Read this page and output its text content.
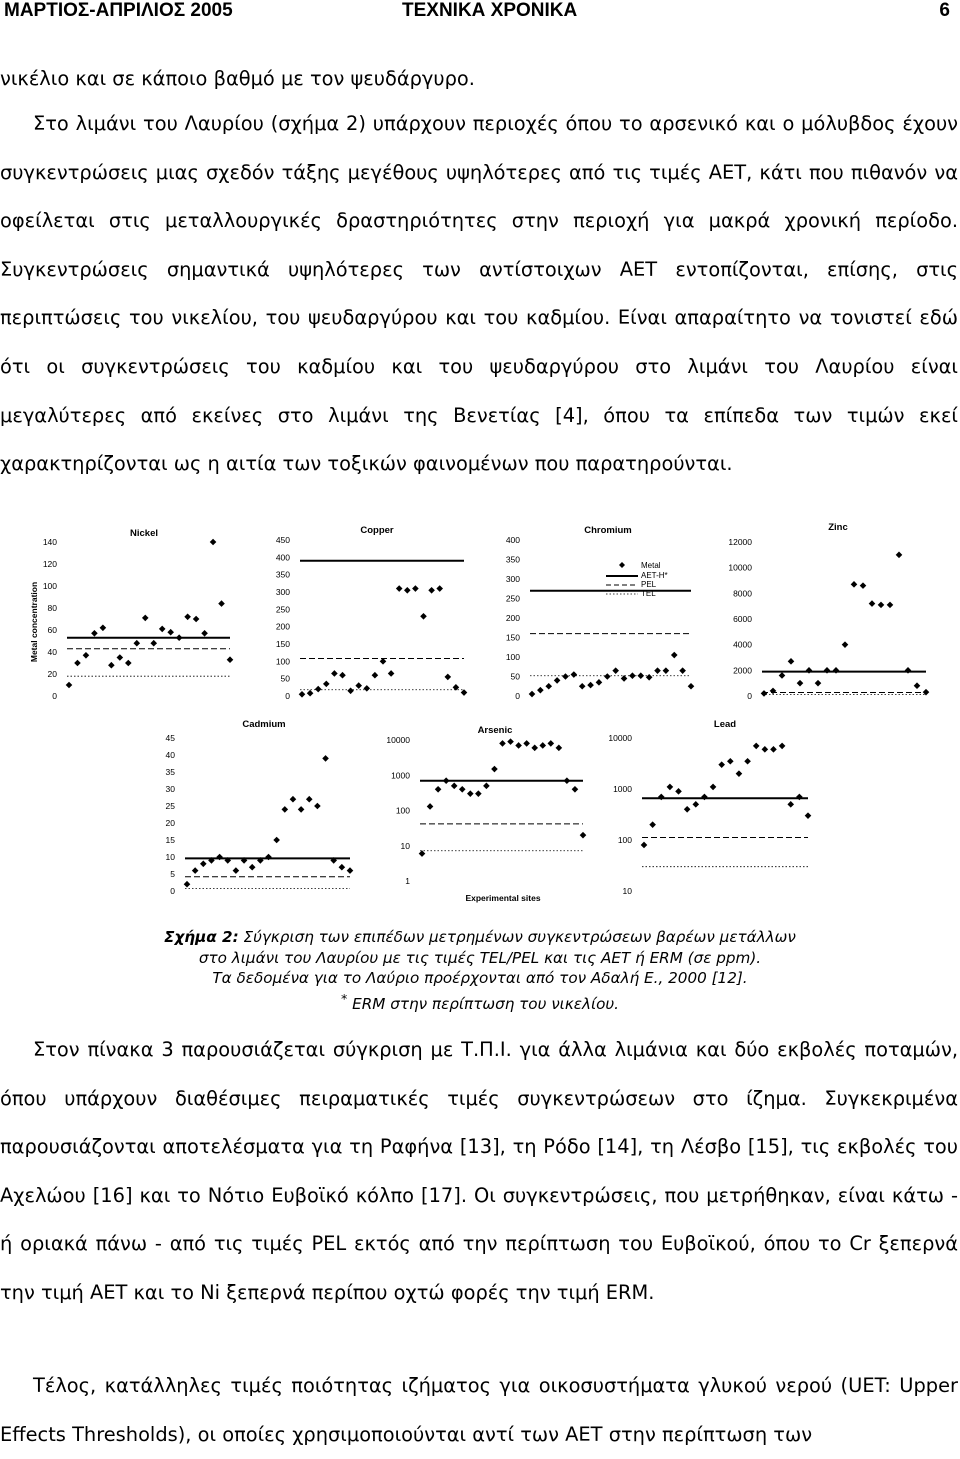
ΜΑΡΤΙΟΣ-ΑΠΡΙΛΙΟΣ 2005	ΤΕΧΝΙΚΑ ΧΡΟΝΙΚΑ	6

νικέλιο και σε κάποιο βαθμό με τον ψευδάργυρο.

Στο λιμάνι του Λαυρίου (σχήμα 2) υπάρχουν περιοχές όπου το αρσενικό και ο μόλυβδος έχουν συγκεντρώσεις μιας σχεδόν τάξης μεγέθους υψηλότερες από τις τιμές ΑΕΤ, κάτι που πιθανόν να οφείλεται στις μεταλλουργικές δραστηριότητες στην περιοχή για μακρά χρονική περίοδο. Συγκεντρώσεις σημαντικά υψηλότερες των αντίστοιχων ΑΕΤ εντοπίζονται, επίσης, στις περιπτώσεις του νικελίου, του ψευδαργύρου και του καδμίου. Είναι απαραίτητο να τονιστεί εδώ ότι οι συγκεντρώσεις του καδμίου και του ψευδαργύρου στο λιμάνι του Λαυρίου είναι μεγαλύτερες από εκείνες στο λιμάνι της Βενετίας [4], όπου τα επίπεδα των τιμών εκεί χαρακτηρίζονται ως η αιτία των τοξικών φαινομένων που παρατηρούνται.

Metal concentration
Experimental sites
Nickel
0
20
40
60
80
100
120
140
Copper
0
50
100
150
200
250
300
350
400
450
Chromium
0
50
100
150
200
250
300
350
400
Metal
AET-H*
PEL
TEL
Zinc
0
2000
4000
6000
8000
10000
12000
Cadmium
0
5
10
15
20
25
30
35
40
45
Arsenic
1
10
100
1000
10000
Lead
10
100
1000
10000
Σχήμα 2: Σύγκριση των επιπέδων μετρημένων συγκεντρώσεων βαρέων μετάλλων
στο λιμάνι του Λαυρίου με τις τιμές TEL/PEL και τις AET ή ERM (σε ppm).
Τα δεδομένα για το Λαύριο προέρχονται από τον Αδαλή Ε., 2000 [12].
* ERM στην περίπτωση του νικελίου.

Στον πίνακα 3 παρουσιάζεται σύγκριση με Τ.Π.Ι. για άλλα λιμάνια και δύο εκβολές ποταμών, όπου υπάρχουν διαθέσιμες πειραματικές τιμές συγκεντρώσεων στο ίζημα. Συγκεκριμένα παρουσιάζονται αποτελέσματα για τη Ραφήνα [13], τη Ρόδο [14], τη Λέσβο [15], τις εκβολές του Αχελώου [16] και το Νότιο Ευβοϊκό κόλπο [17]. Οι συγκεντρώσεις, που μετρήθηκαν, είναι κάτω - ή οριακά πάνω - από τις τιμές PEL εκτός από την περίπτωση του Ευβοϊκού, όπου το Cr ξεπερνά την τιμή ΑΕΤ και το Ni ξεπερνά περίπου οχτώ φορές την τιμή ERM.

Τέλος, κατάλληλες τιμές ποιότητας ιζήματος για οικοσυστήματα γλυκού νερού (UET: Upper Effects Thresholds), οι οποίες χρησιμοποιούνται αντί των ΑΕΤ στην περίπτωση των
